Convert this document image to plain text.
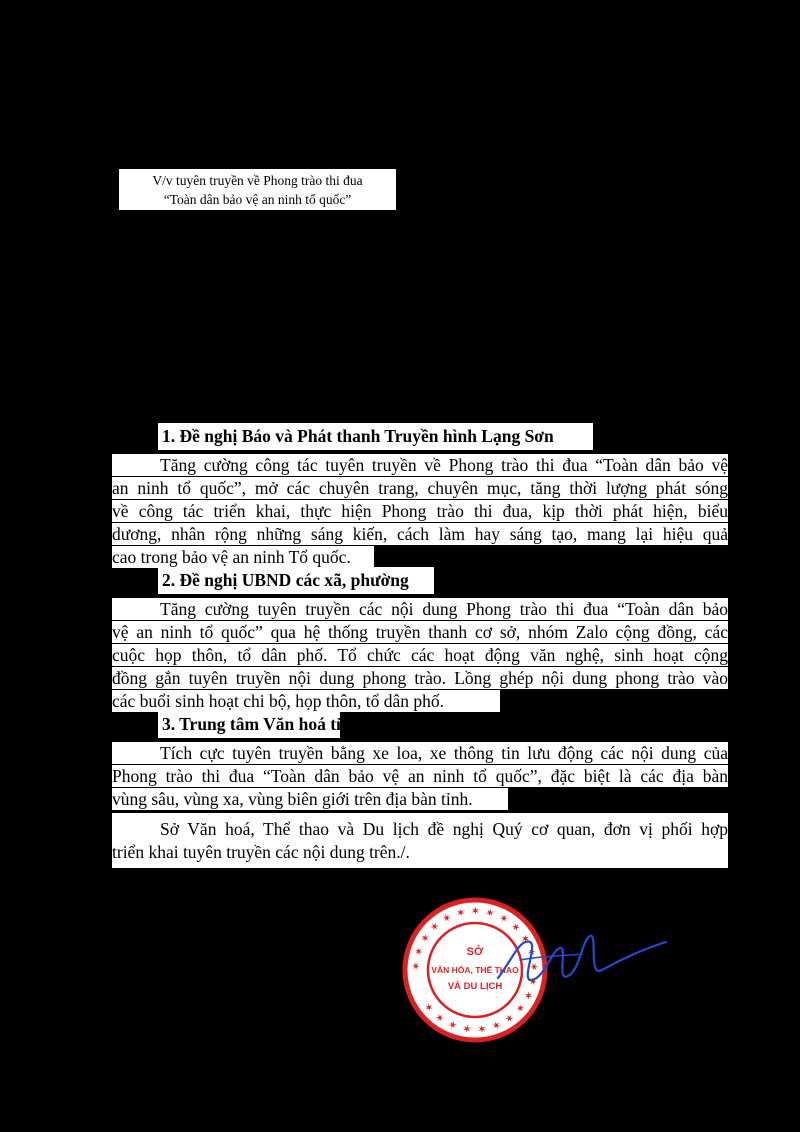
V/v tuyên truyền về Phong trào thi đua
“Toàn dân bảo vệ an ninh tổ quốc”
1. Đề nghị Báo và Phát thanh Truyền hình Lạng Sơn
Tăng cường công tác tuyên truyền về Phong trào thi đua “Toàn dân bảo vệ
an ninh tổ quốc”, mở các chuyên trang, chuyên mục, tăng thời lượng phát sóng
về công tác triển khai, thực hiện Phong trào thi đua, kịp thời phát hiện, biểu
dương, nhân rộng những sáng kiến, cách làm hay sáng tạo, mang lại hiệu quả
cao trong bảo vệ an ninh Tổ quốc.
2. Đề nghị UBND các xã, phường
Tăng cường tuyên truyền các nội dung Phong trào thi đua “Toàn dân bảo
vệ an ninh tổ quốc” qua hệ thống truyền thanh cơ sở, nhóm Zalo cộng đồng, các
cuộc họp thôn, tổ dân phố. Tổ chức các hoạt động văn nghệ, sinh hoạt cộng
đồng gắn tuyên truyền nội dung phong trào. Lồng ghép nội dung phong trào vào
các buổi sinh hoạt chi bộ, họp thôn, tổ dân phố.
3. Trung tâm Văn hoá tỉnh
Tích cực tuyên truyền bằng xe loa, xe thông tin lưu động các nội dung của
Phong trào thi đua “Toàn dân bảo vệ an ninh tổ quốc”, đặc biệt là các địa bàn
vùng sâu, vùng xa, vùng biên giới trên địa bàn tỉnh.
Sở Văn hoá, Thể thao và Du lịch đề nghị Quý cơ quan, đơn vị phối hợp
triển khai tuyên truyền các nội dung trên./.
✶ ✶ ✶ ✶ ✶ ✶ ✶ ✶ ✶ ✶ ✶ ✶ ✶ ✶ ✶ ✶ ✶ ✶ ✶ ✶ ✶ ✶ ✶
SỞ
VĂN HÓA, THỂ THAO
VÀ DU LỊCH
